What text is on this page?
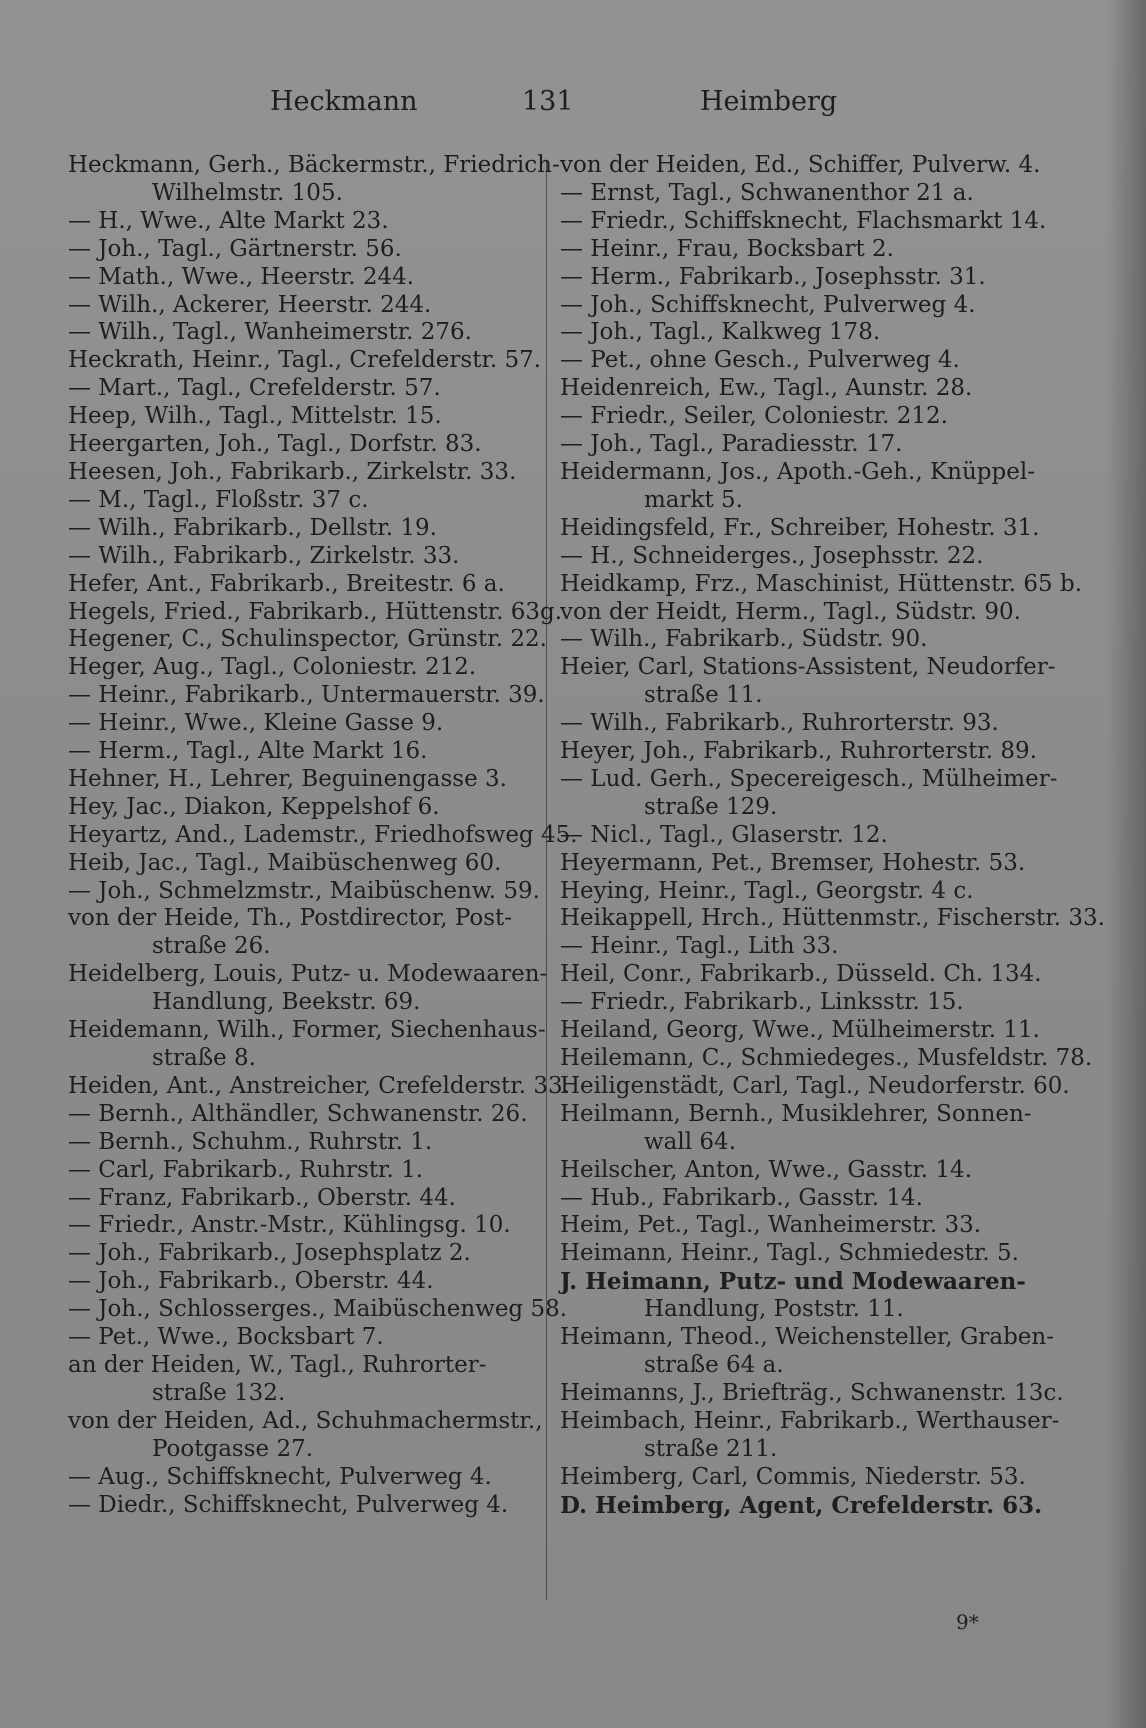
Heckmann	131	Heimberg
Heckmann, Gerh., Bäckermstr., Friedrich-
Wilhelmstr. 105.
— H., Wwe., Alte Markt 23.
— Joh., Tagl., Gärtnerstr. 56.
— Math., Wwe., Heerstr. 244.
— Wilh., Ackerer, Heerstr. 244.
— Wilh., Tagl., Wanheimerstr. 276.
Heckrath, Heinr., Tagl., Crefelderstr. 57.
— Mart., Tagl., Crefelderstr. 57.
Heep, Wilh., Tagl., Mittelstr. 15.
Heergarten, Joh., Tagl., Dorfstr. 83.
Heesen, Joh., Fabrikarb., Zirkelstr. 33.
— M., Tagl., Floßstr. 37 c.
— Wilh., Fabrikarb., Dellstr. 19.
— Wilh., Fabrikarb., Zirkelstr. 33.
Hefer, Ant., Fabrikarb., Breitestr. 6 a.
Hegels, Fried., Fabrikarb., Hüttenstr. 63g.
Hegener, C., Schulinspector, Grünstr. 22.
Heger, Aug., Tagl., Coloniestr. 212.
— Heinr., Fabrikarb., Untermauerstr. 39.
— Heinr., Wwe., Kleine Gasse 9.
— Herm., Tagl., Alte Markt 16.
Hehner, H., Lehrer, Beguinengasse 3.
Hey, Jac., Diakon, Keppelshof 6.
Heyartz, And., Lademstr., Friedhofsweg 45.
Heib, Jac., Tagl., Maibüschenweg 60.
— Joh., Schmelzmstr., Maibüschenw. 59.
von der Heide, Th., Postdirector, Post-
straße 26.
Heidelberg, Louis, Putz- u. Modewaaren-
Handlung, Beekstr. 69.
Heidemann, Wilh., Former, Siechenhaus-
straße 8.
Heiden, Ant., Anstreicher, Crefelderstr. 33.
— Bernh., Althändler, Schwanenstr. 26.
— Bernh., Schuhm., Ruhrstr. 1.
— Carl, Fabrikarb., Ruhrstr. 1.
— Franz, Fabrikarb., Oberstr. 44.
— Friedr., Anstr.-Mstr., Kühlingsg. 10.
— Joh., Fabrikarb., Josephsplatz 2.
— Joh., Fabrikarb., Oberstr. 44.
— Joh., Schlosserges., Maibüschenweg 58.
— Pet., Wwe., Bocksbart 7.
an der Heiden, W., Tagl., Ruhrorter-
straße 132.
von der Heiden, Ad., Schuhmachermstr.,
Pootgasse 27.
— Aug., Schiffsknecht, Pulverweg 4.
— Diedr., Schiffsknecht, Pulverweg 4.
von der Heiden, Ed., Schiffer, Pulverw. 4.
— Ernst, Tagl., Schwanenthor 21 a.
— Friedr., Schiffsknecht, Flachsmarkt 14.
— Heinr., Frau, Bocksbart 2.
— Herm., Fabrikarb., Josephsstr. 31.
— Joh., Schiffsknecht, Pulverweg 4.
— Joh., Tagl., Kalkweg 178.
— Pet., ohne Gesch., Pulverweg 4.
Heidenreich, Ew., Tagl., Aunstr. 28.
— Friedr., Seiler, Coloniestr. 212.
— Joh., Tagl., Paradiesstr. 17.
Heidermann, Jos., Apoth.-Geh., Knüppel-
markt 5.
Heidingsfeld, Fr., Schreiber, Hohestr. 31.
— H., Schneiderges., Josephsstr. 22.
Heidkamp, Frz., Maschinist, Hüttenstr. 65 b.
von der Heidt, Herm., Tagl., Südstr. 90.
— Wilh., Fabrikarb., Südstr. 90.
Heier, Carl, Stations-Assistent, Neudorfer-
straße 11.
— Wilh., Fabrikarb., Ruhrorterstr. 93.
Heyer, Joh., Fabrikarb., Ruhrorterstr. 89.
— Lud. Gerh., Specereigesch., Mülheimer-
straße 129.
— Nicl., Tagl., Glaserstr. 12.
Heyermann, Pet., Bremser, Hohestr. 53.
Heying, Heinr., Tagl., Georgstr. 4 c.
Heikappell, Hrch., Hüttenmstr., Fischerstr. 33.
— Heinr., Tagl., Lith 33.
Heil, Conr., Fabrikarb., Düsseld. Ch. 134.
— Friedr., Fabrikarb., Linksstr. 15.
Heiland, Georg, Wwe., Mülheimerstr. 11.
Heilemann, C., Schmiedeges., Musfeldstr. 78.
Heiligenstädt, Carl, Tagl., Neudorferstr. 60.
Heilmann, Bernh., Musiklehrer, Sonnen-
wall 64.
Heilscher, Anton, Wwe., Gasstr. 14.
— Hub., Fabrikarb., Gasstr. 14.
Heim, Pet., Tagl., Wanheimerstr. 33.
Heimann, Heinr., Tagl., Schmiedestr. 5.
J. Heimann, Putz- und Modewaaren-
Handlung, Poststr. 11.
Heimann, Theod., Weichensteller, Graben-
straße 64 a.
Heimanns, J., Briefträg., Schwanenstr. 13c.
Heimbach, Heinr., Fabrikarb., Werthauser-
straße 211.
Heimberg, Carl, Commis, Niederstr. 53.
D. Heimberg, Agent, Crefelderstr. 63.
9*
